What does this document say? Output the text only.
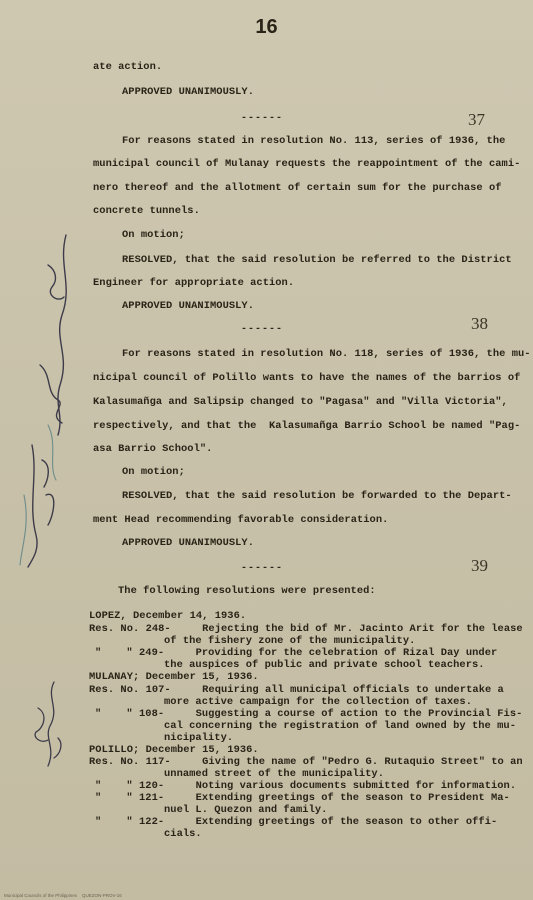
16
ate action.
APPROVED UNANIMOUSLY.
------	37
For reasons stated in resolution No. 113, series of 1936, the
municipal council of Mulanay requests the reappointment of the cami-
nero thereof and the allotment of certain sum for the purchase of
concrete tunnels.
On motion;
RESOLVED, that the said resolution be referred to the District
Engineer for appropriate action.
APPROVED UNANIMOUSLY.
------	38
For reasons stated in resolution No. 118, series of 1936, the mu-
nicipal council of Polillo wants to have the names of the barrios of
Kalasumañga and Salipsip changed to "Pagasa" and "Villa Victoria",
respectively, and that the  Kalasumañga Barrio School be named "Pag-
asa Barrio School".
On motion;
RESOLVED, that the said resolution be forwarded to the Depart-
ment Head recommending favorable consideration.
APPROVED UNANIMOUSLY.
------	39
The following resolutions were presented:
LOPEZ, December 14, 1936.
Res. No. 248-     Rejecting the bid of Mr. Jacinto Arit for the lease
of the fishery zone of the municipality.
"    " 249-     Providing for the celebration of Rizal Day under
the auspices of public and private school teachers.
MULANAY; December 15, 1936.
Res. No. 107-     Requiring all municipal officials to undertake a
more active campaign for the collection of taxes.
"    " 108-     Suggesting a course of action to the Provincial Fis-
cal concerning the registration of land owned by the mu-
nicipality.
POLILLO; December 15, 1936.
Res. No. 117-     Giving the name of "Pedro G. Rutaquio Street" to an
unnamed street of the municipality.
"    " 120-     Noting various documents submitted for information.
"    " 121-     Extending greetings of the season to President Ma-
nuel L. Quezon and family.
"    " 122-     Extending greetings of the season to other offi-
cials.
Municipal Councils of the Philippines    QUEZON-PROV-16
